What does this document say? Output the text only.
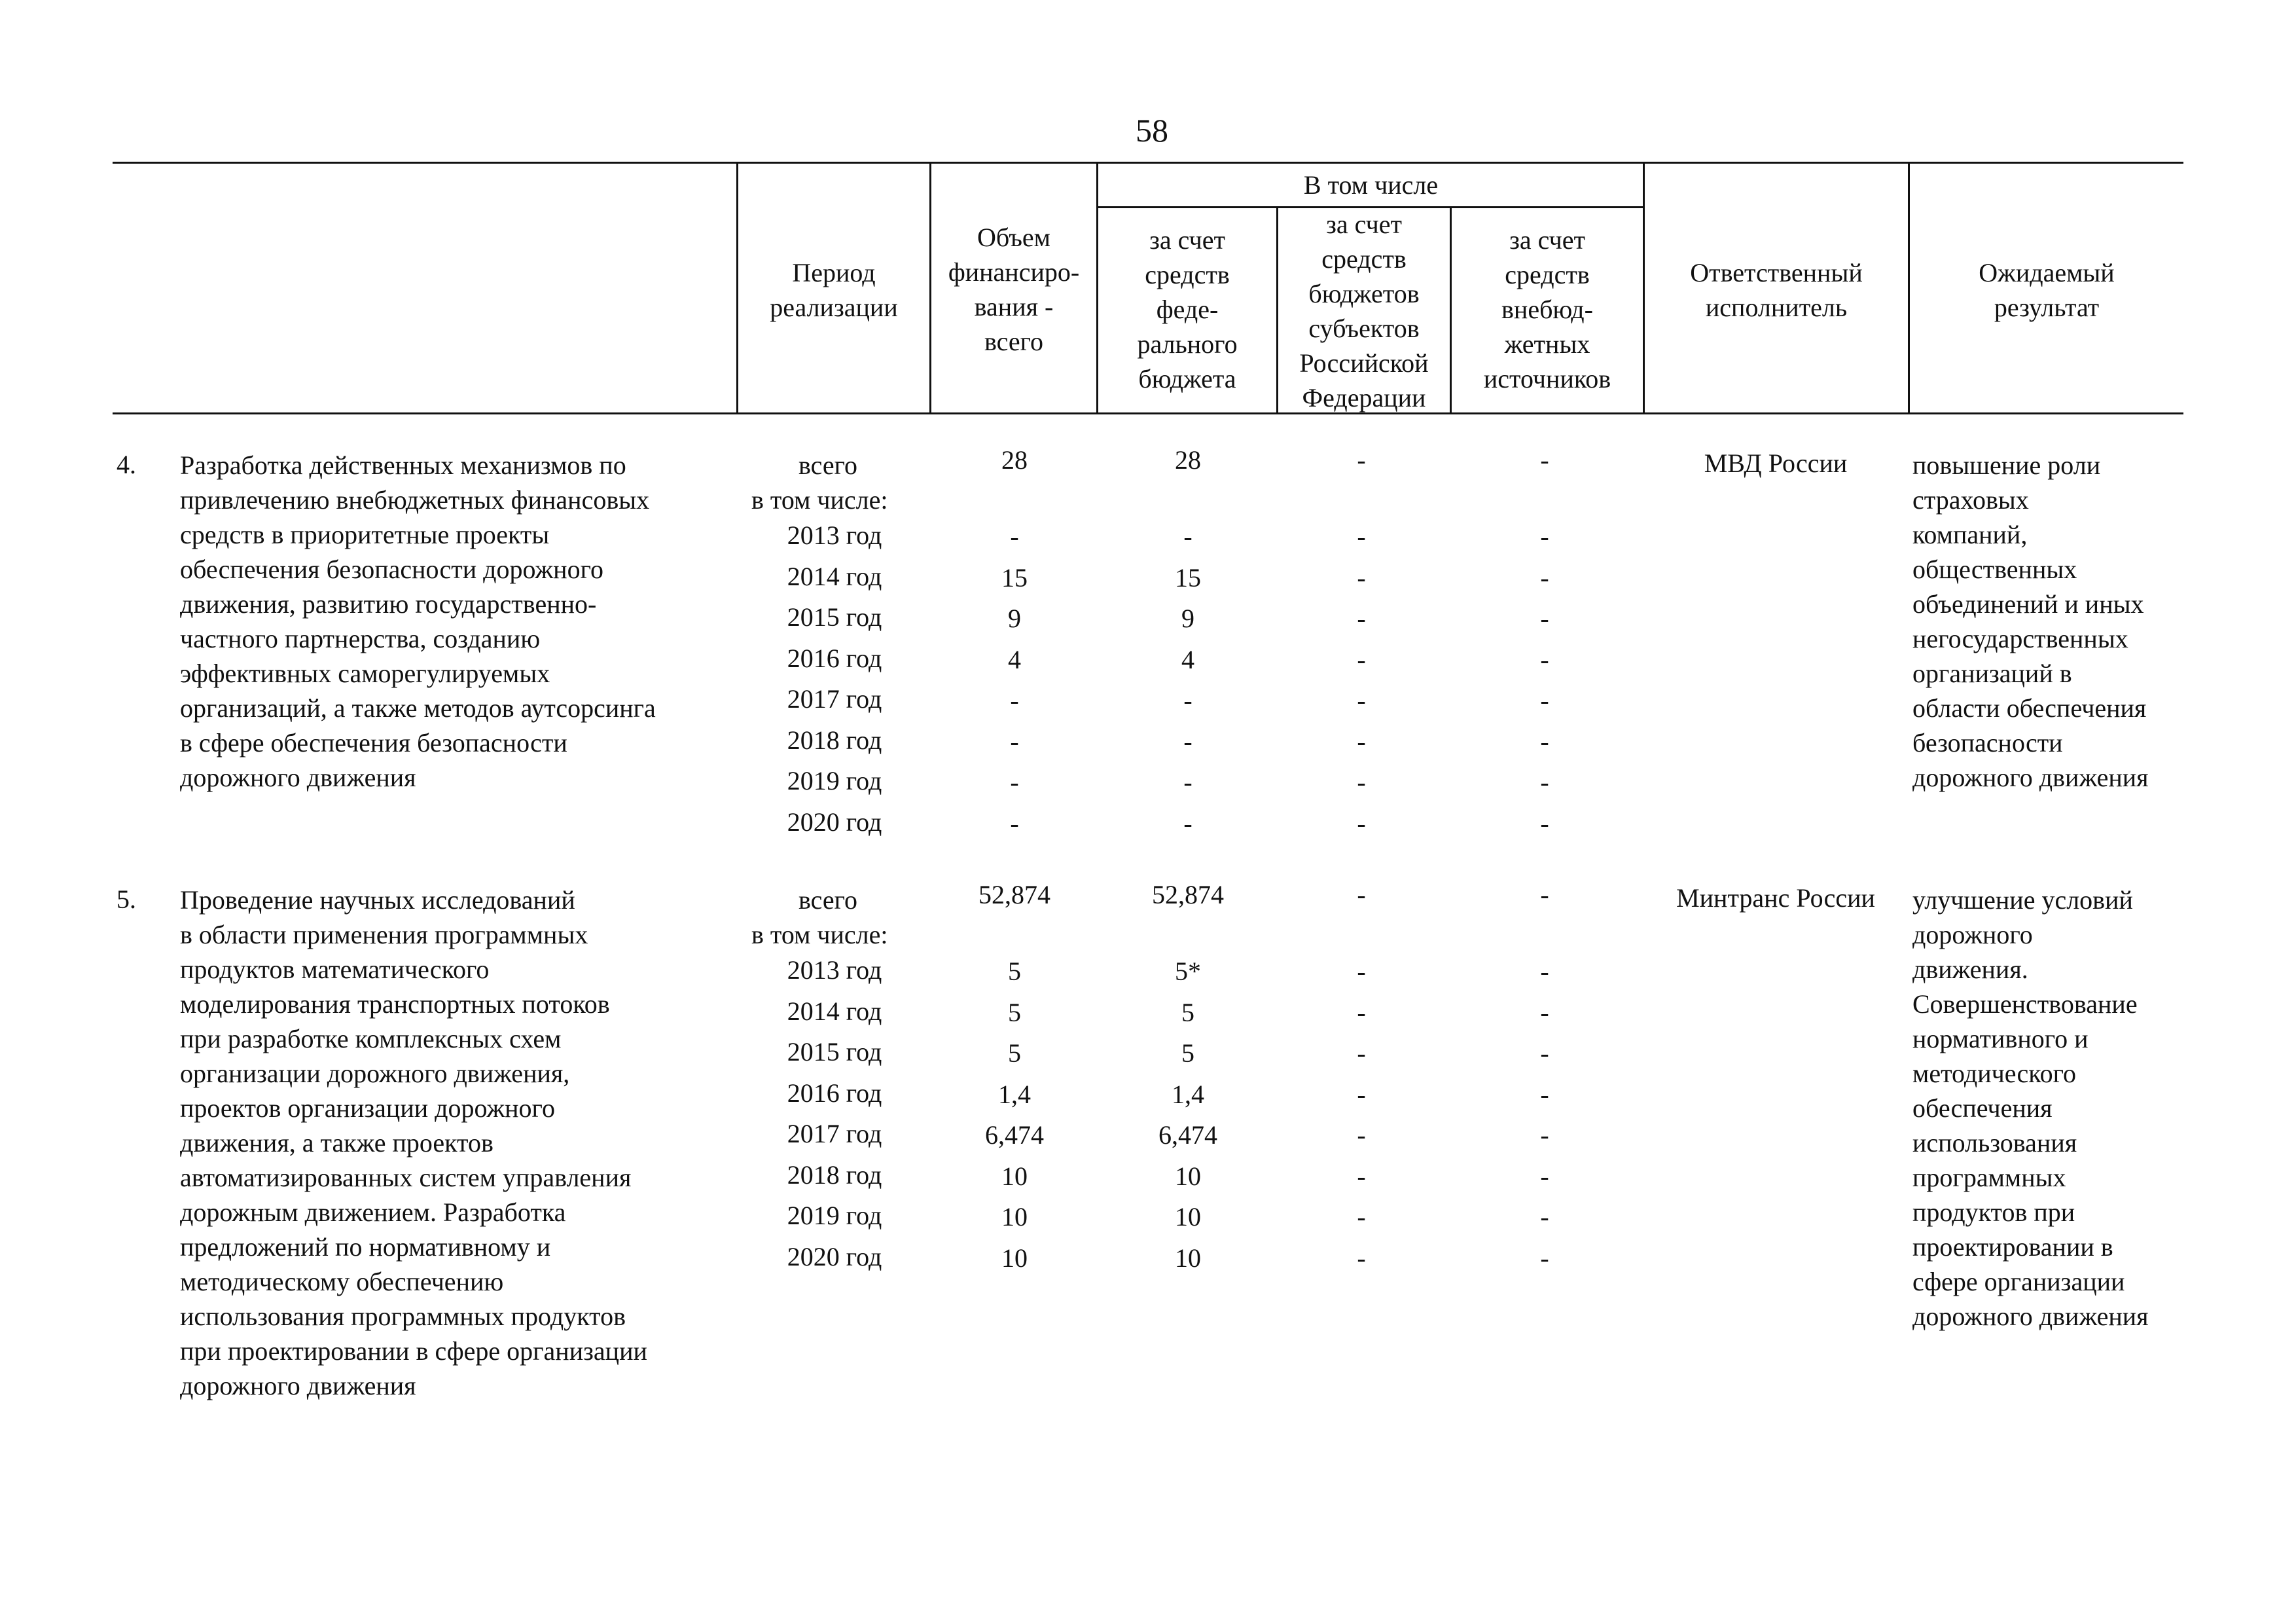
58
Период
реализации
Объем
финансиро-
вания -
всего
В том числе
за счет
средств
феде-
рального
бюджета
за счет
средств
бюджетов
субъектов
Российской
Федерации
за счет
средств
внебюд-
жетных
источников
Ответственный
исполнитель
Ожидаемый
результат
4. Разработка действенных механизмов по
привлечению внебюджетных финансовых
средств в приоритетные проекты
обеспечения безопасности дорожного
движения, развитию государственно-
частного партнерства, созданию
эффективных саморегулируемых
организаций, а также методов аутсорсинга
в сфере обеспечения безопасности
дорожного движения
всего
в том числе:
2013 год
2014 год
2015 год
2016 год
2017 год
2018 год
2019 год
2020 год
28
-
15
9
4
-
-
-
-
28
-
15
9
4
-
-
-
-
-
-
-
-
-
-
-
-
-
-
-
-
-
-
-
-
-
-
МВД России	повышение роли
страховых
компаний,
общественных
объединений и иных
негосударственных
организаций в
области обеспечения
безопасности
дорожного движения
5. Проведение научных исследований
в области применения программных
продуктов математического
моделирования транспортных потоков
при разработке комплексных схем
организации дорожного движения,
проектов организации дорожного
движения, а также проектов
автоматизированных систем управления
дорожным движением. Разработка
предложений по нормативному и
методическому обеспечению
использования программных продуктов
при проектировании в сфере организации
дорожного движения
всего
в том числе:
2013 год
2014 год
2015 год
2016 год
2017 год
2018 год
2019 год
2020 год
52,874
5
5
5
1,4
6,474
10
10
10
52,874
5*
5
5
1,4
6,474
10
10
10
-
-
-
-
-
-
-
-
-
-
-
-
-
-
-
-
-
-
Минтранс России	улучшение условий
дорожного
движения.
Совершенствование
нормативного и
методического
обеспечения
использования
программных
продуктов при
проектировании в
сфере организации
дорожного движения
